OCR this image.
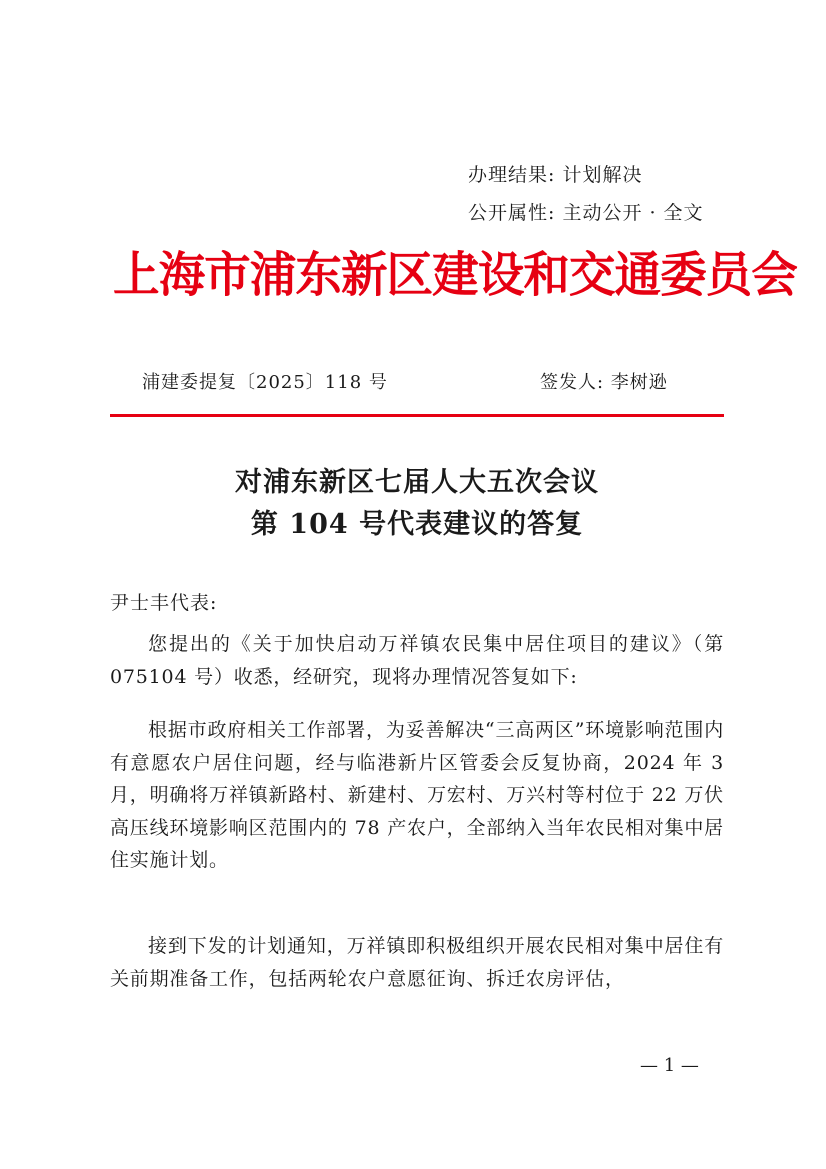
办理结果: 计划解决
公开属性: 主动公开 · 全文
上海市浦东新区建设和交通委员会
浦建委提复〔2025〕118 号	签发人: 李树逊
对浦东新区七届人大五次会议
第 104 号代表建议的答复
尹士丰代表:
您提出的《关于加快启动万祥镇农民集中居住项目的建议》（第 075104 号）收悉，经研究，现将办理情况答复如下:
根据市政府相关工作部署，为妥善解决“三高两区”环境影响范围内有意愿农户居住问题，经与临港新片区管委会反复协商，2024 年 3 月，明确将万祥镇新路村、新建村、万宏村、万兴村等村位于 22 万伏高压线环境影响区范围内的 78 产农户，全部纳入当年农民相对集中居住实施计划。
接到下发的计划通知，万祥镇即积极组织开展农民相对集中居住有关前期准备工作，包括两轮农户意愿征询、拆迁农房评估，
— 1 —
